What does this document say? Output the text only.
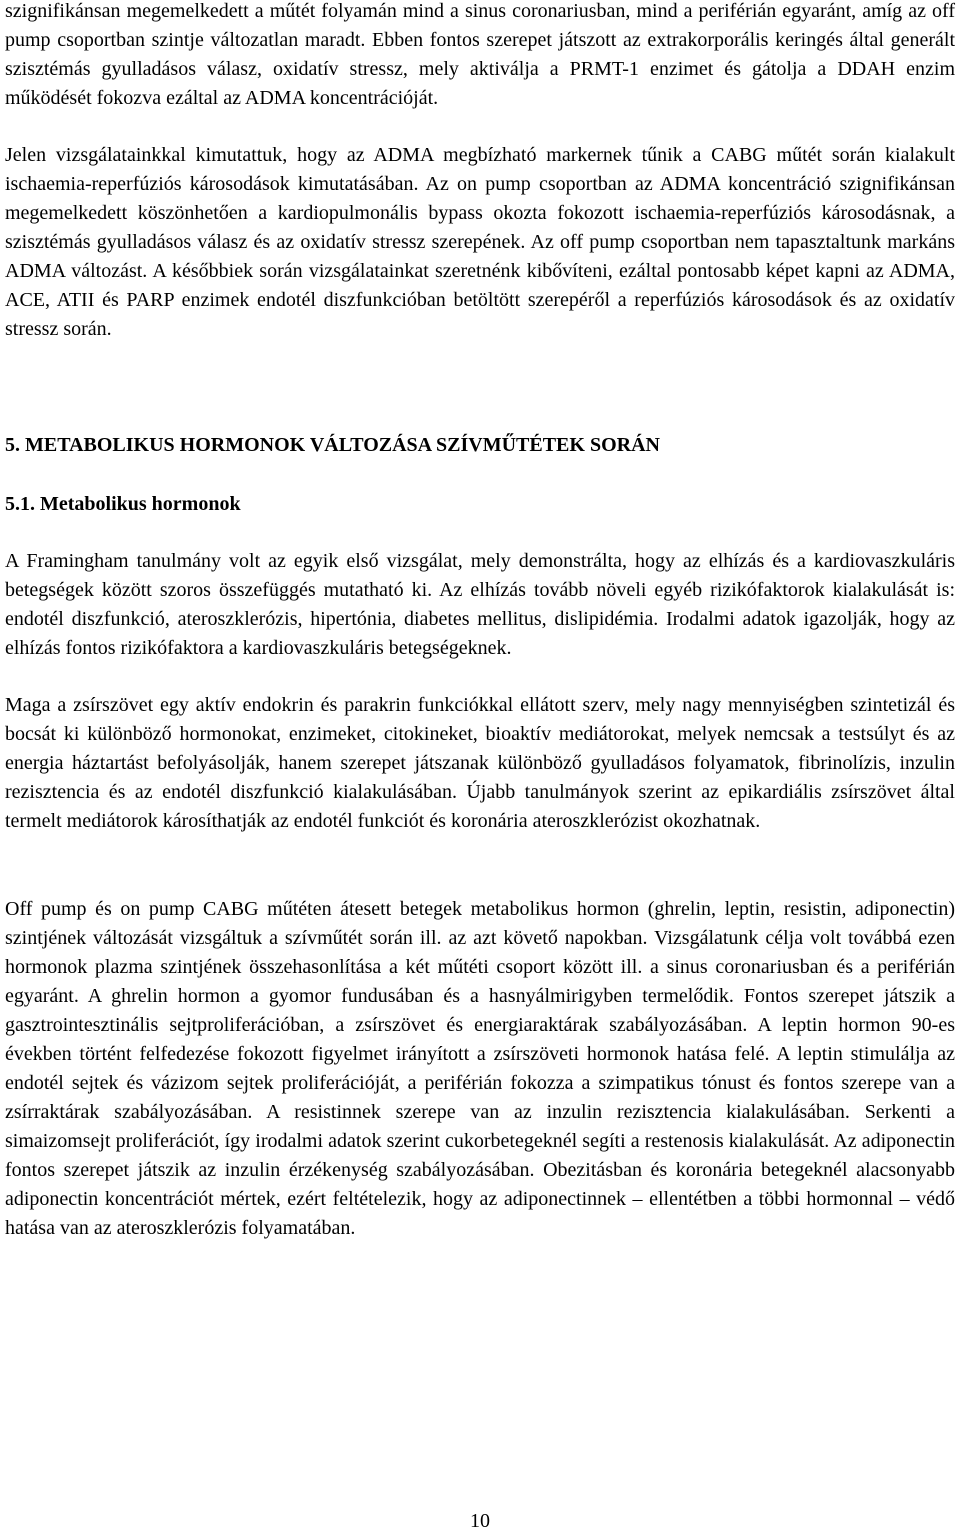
szignifikánsan megemelkedett a műtét folyamán mind a sinus coronariusban, mind a periférián egyaránt, amíg az off pump csoportban szintje változatlan maradt. Ebben fontos szerepet játszott az extrakorporális keringés által generált szisztémás gyulladásos válasz, oxidatív stressz, mely aktiválja a PRMT-1 enzimet és gátolja a DDAH enzim működését fokozva ezáltal az ADMA koncentrációját.

Jelen vizsgálatainkkal kimutattuk, hogy az ADMA megbízható markernek tűnik a CABG műtét során kialakult ischaemia-reperfúziós károsodások kimutatásában. Az on pump csoportban az ADMA koncentráció szignifikánsan megemelkedett köszönhetően a kardiopulmonális bypass okozta fokozott ischaemia-reperfúziós károsodásnak, a szisztémás gyulladásos válasz és az oxidatív stressz szerepének. Az off pump csoportban nem tapasztaltunk markáns ADMA változást. A későbbiek során vizsgálatainkat szeretnénk kibővíteni, ezáltal pontosabb képet kapni az ADMA, ACE, ATII és PARP enzimek endotél diszfunkcióban betöltött szerepéről a reperfúziós károsodások és az oxidatív stressz során.

5. METABOLIKUS HORMONOK VÁLTOZÁSA SZÍVMŰTÉTEK SORÁN
5.1. Metabolikus hormonok

A Framingham tanulmány volt az egyik első vizsgálat, mely demonstrálta, hogy az elhízás és a kardiovaszkuláris betegségek között szoros összefüggés mutatható ki. Az elhízás tovább növeli egyéb rizikófaktorok kialakulását is: endotél diszfunkció, ateroszklerózis, hipertónia, diabetes mellitus, dislipidémia. Irodalmi adatok igazolják, hogy az elhízás fontos rizikófaktora a kardiovaszkuláris betegségeknek.

Maga a zsírszövet egy aktív endokrin és parakrin funkciókkal ellátott szerv, mely nagy mennyiségben szintetizál és bocsát ki különböző hormonokat, enzimeket, citokineket, bioaktív mediátorokat, melyek nemcsak a testsúlyt és az energia háztartást befolyásolják, hanem szerepet játszanak különböző gyulladásos folyamatok, fibrinolízis, inzulin rezisztencia és az endotél diszfunkció kialakulásában. Újabb tanulmányok szerint az epikardiális zsírszövet által termelt mediátorok károsíthatják az endotél funkciót és koronária ateroszklerózist okozhatnak.

Off pump és on pump CABG műtéten átesett betegek metabolikus hormon (ghrelin, leptin, resistin, adiponectin) szintjének változását vizsgáltuk a szívműtét során ill. az azt követő napokban. Vizsgálatunk célja volt továbbá ezen hormonok plazma szintjének összehasonlítása a két műtéti csoport között ill. a sinus coronariusban és a periférián egyaránt. A ghrelin hormon a gyomor fundusában és a hasnyálmirigyben termelődik. Fontos szerepet játszik a gasztrointesztinális sejtproliferációban, a zsírszövet és energiaraktárak szabályozásában. A leptin hormon 90-es években történt felfedezése fokozott figyelmet irányított a zsírszöveti hormonok hatása felé. A leptin stimulálja az endotél sejtek és vázizom sejtek proliferációját, a periférián fokozza a szimpatikus tónust és fontos szerepe van a zsírraktárak szabályozásában. A resistinnek szerepe van az inzulin rezisztencia kialakulásában. Serkenti a simaizomsejt proliferációt, így irodalmi adatok szerint cukorbetegeknél segíti a restenosis kialakulását. Az adiponectin fontos szerepet játszik az inzulin érzékenység szabályozásában. Obezitásban és koronária betegeknél alacsonyabb adiponectin koncentrációt mértek, ezért feltételezik, hogy az adiponectinnek – ellentétben a többi hormonnal – védő hatása van az ateroszklerózis folyamatában.

10
